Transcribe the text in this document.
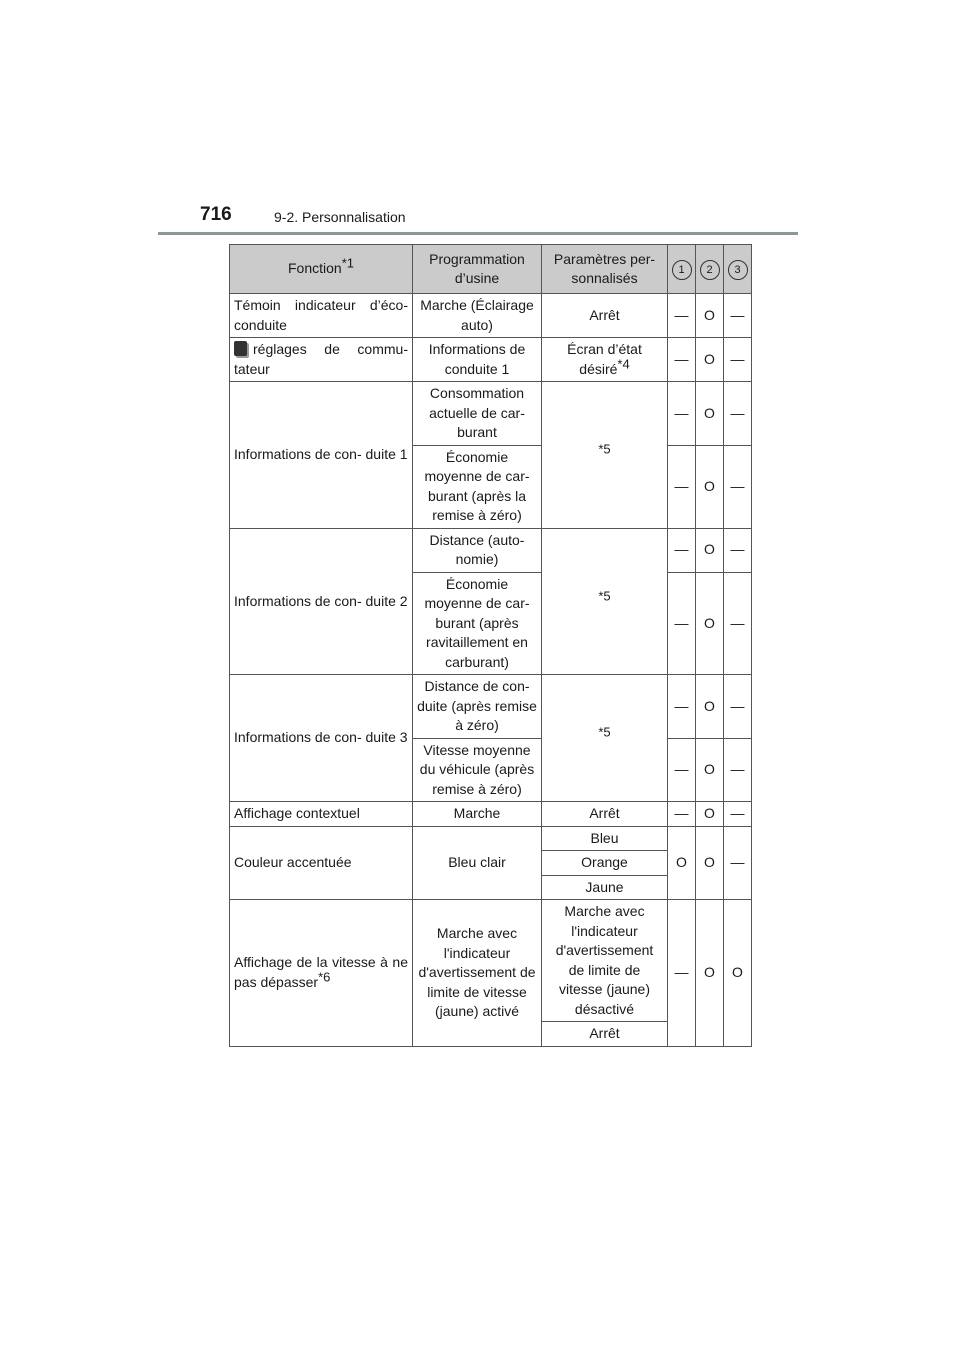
716	9-2. Personnalisation
Fonction$^{*1}$	Programmation d’usine	Paramètres per- sonnalisés	1	2	3
Témoin indicateur d’éco- conduite	Marche (Éclairage auto)	Arrêt	—	O	—
réglages de commu- tateur	Informations de conduite 1	Écran d’état désiré$^{*4}$	—	O	—
Informations de con- duite 1	Consommation actuelle de car- burant	$^{*5}$	—	O	—
	Économie moyenne de car- burant (après la remise à zéro)		—	O	—
Informations de con- duite 2	Distance (auto- nomie)	$^{*5}$	—	O	—
	Économie moyenne de car- burant (après ravitaillement en carburant)		—	O	—
Informations de con- duite 3	Distance de con- duite (après remise à zéro)	$^{*5}$	—	O	—
	Vitesse moyenne du véhicule (après remise à zéro)		—	O	—
Affichage contextuel	Marche	Arrêt	—	O	—
Couleur accentuée	Bleu clair	Bleu	O	O	—
		Orange			
		Jaune			
Affichage de la vitesse à ne pas dépasser$^{*6}$	Marche avec l'indicateur d'avertissement de limite de vitesse (jaune) activé	Marche avec l'indicateur d'avertissement de limite de vitesse (jaune) désactivé	—	O	O
		Arrêt			
